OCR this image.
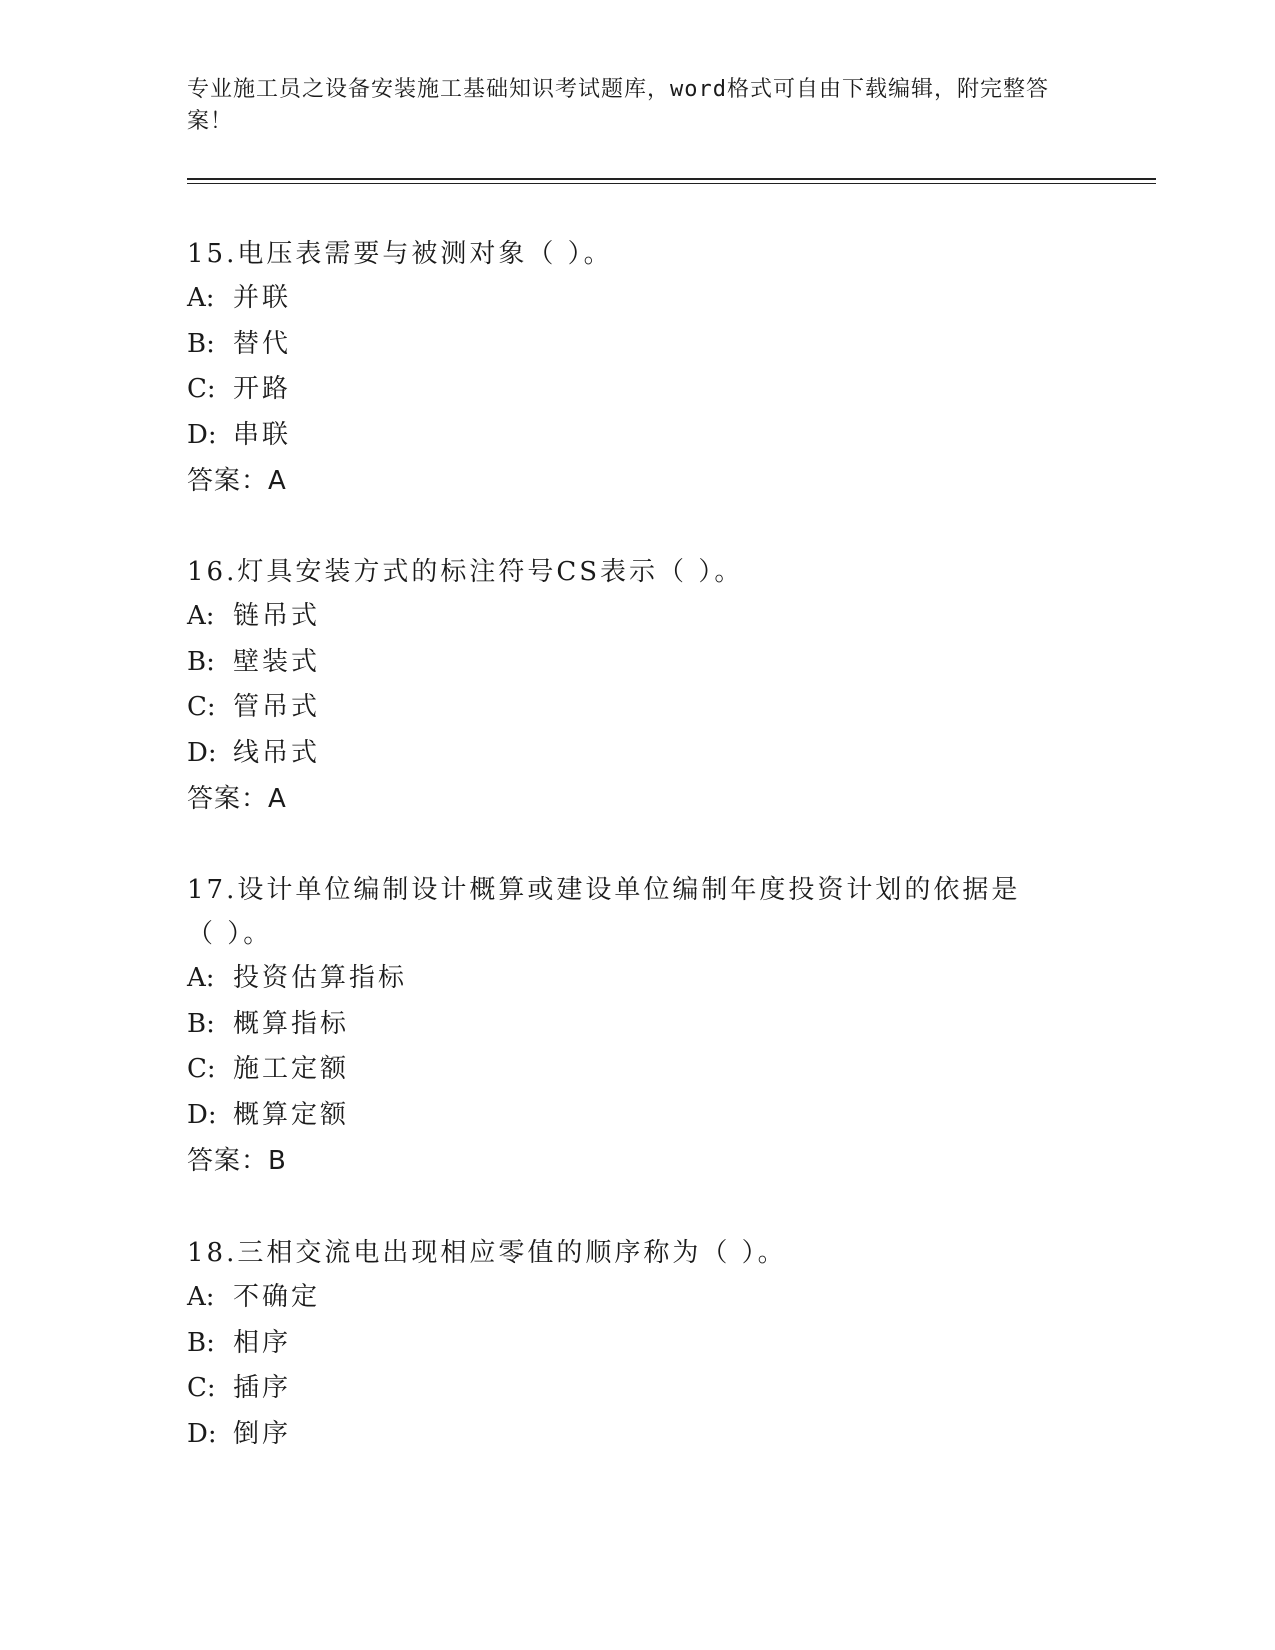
专业施工员之设备安装施工基础知识考试题库，word格式可自由下载编辑，附完整答案！

15.电压表需要与被测对象（ ）。

A: 并联

B: 替代

C: 开路

D: 串联

答案：A

16.灯具安装方式的标注符号CS表示（ ）。

A: 链吊式

B: 壁装式

C: 管吊式

D: 线吊式

答案：A

17.设计单位编制设计概算或建设单位编制年度投资计划的依据是（ ）。

A: 投资估算指标

B: 概算指标

C: 施工定额

D: 概算定额

答案：B

18.三相交流电出现相应零值的顺序称为（ ）。

A: 不确定

B: 相序

C: 插序

D: 倒序
